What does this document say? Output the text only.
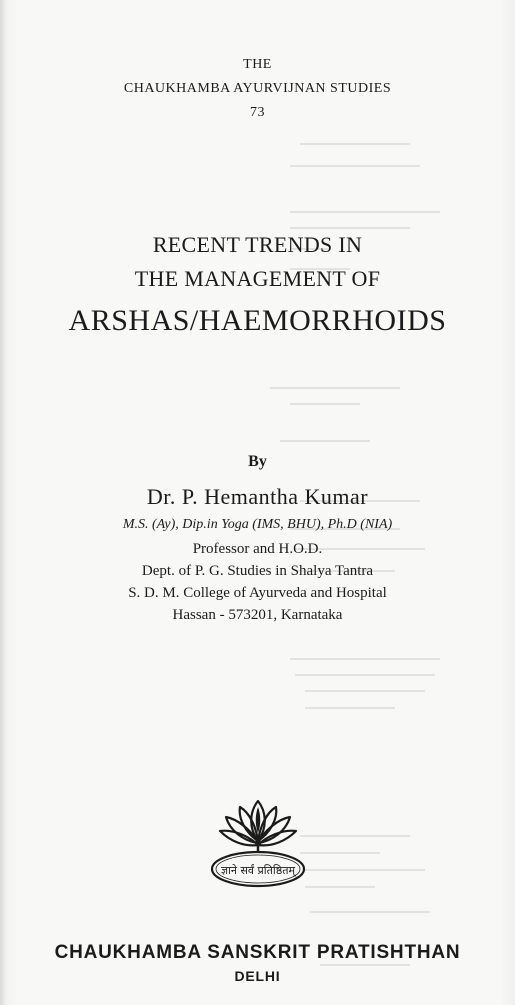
THE
CHAUKHAMBA AYURVIJNAN STUDIES
73
RECENT TRENDS IN
THE MANAGEMENT OF
ARSHAS/HAEMORRHOIDS
By
Dr. P. Hemantha Kumar
M.S. (Ay), Dip.in Yoga (IMS, BHU), Ph.D (NIA)
Professor and H.O.D.
Dept. of P. G. Studies in Shalya Tantra
S. D. M. College of Ayurveda and Hospital
Hassan - 573201, Karnataka
ज्ञाने सर्वं प्रतिष्ठितम्
CHAUKHAMBA SANSKRIT PRATISHTHAN
DELHI
